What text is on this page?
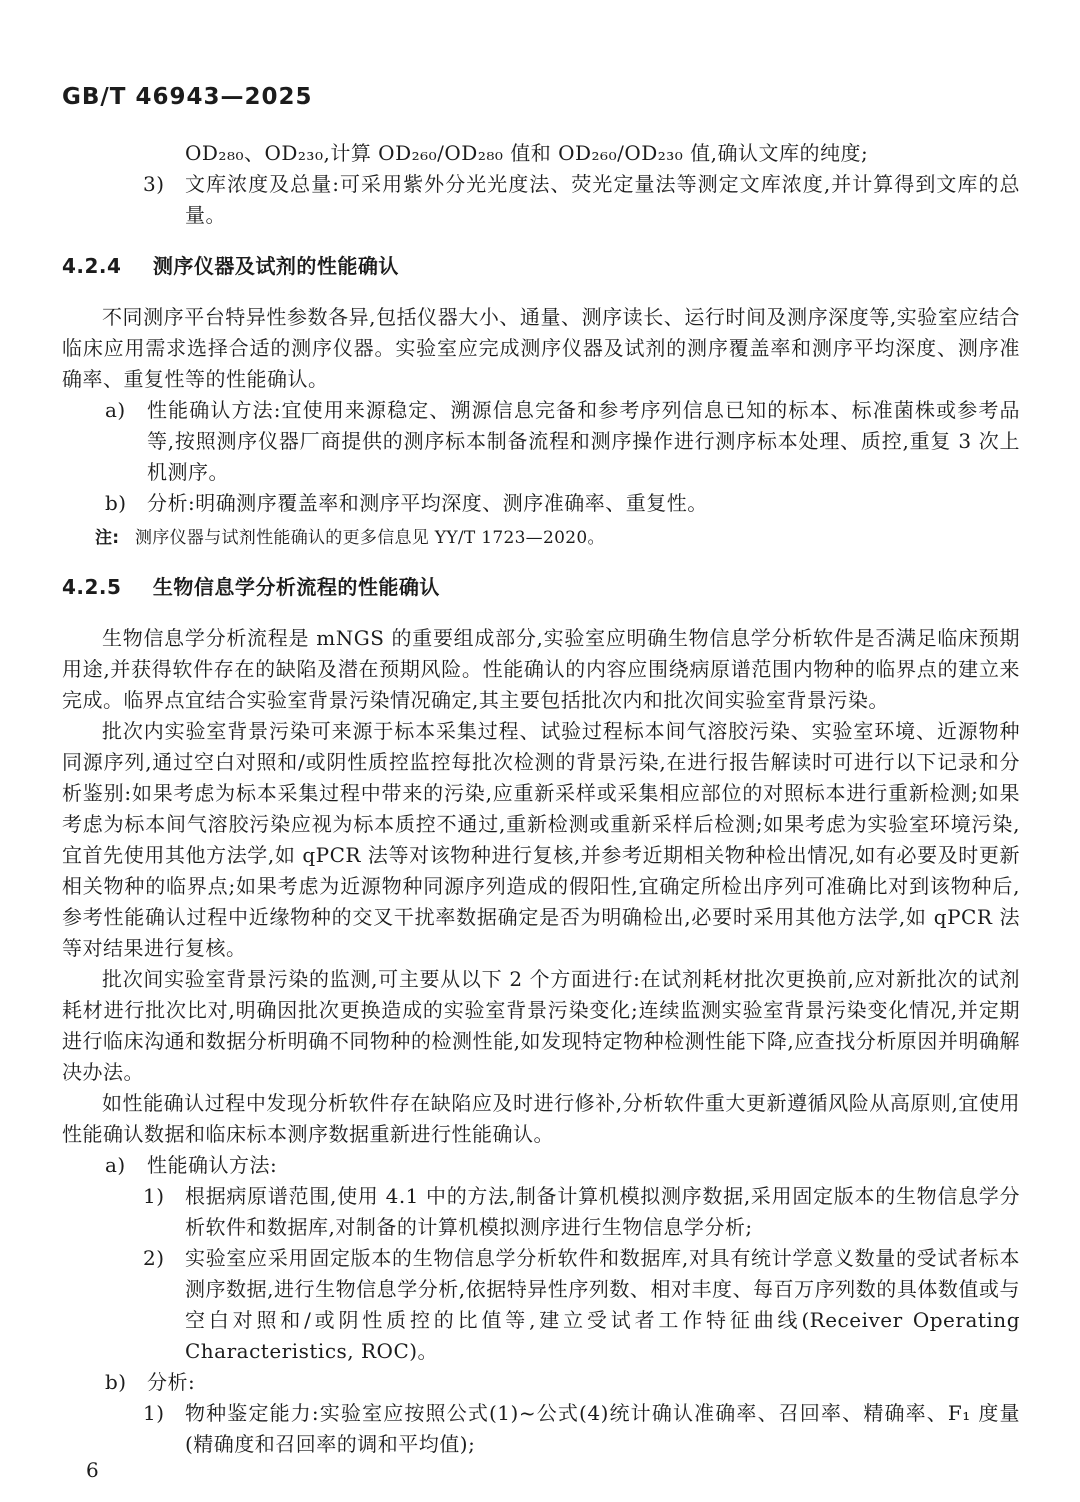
GB/T 46943—2025
OD₂₈₀、OD₂₃₀,计算 OD₂₆₀/OD₂₈₀ 值和 OD₂₆₀/OD₂₃₀ 值,确认文库的纯度;
3) 文库浓度及总量:可采用紫外分光光度法、荧光定量法等测定文库浓度,并计算得到文库的总量。
4.2.4 测序仪器及试剂的性能确认

不同测序平台特异性参数各异,包括仪器大小、通量、测序读长、运行时间及测序深度等,实验室应结合临床应用需求选择合适的测序仪器。实验室应完成测序仪器及试剂的测序覆盖率和测序平均深度、测序准确率、重复性等的性能确认。

a) 性能确认方法:宜使用来源稳定、溯源信息完备和参考序列信息已知的标本、标准菌株或参考品等,按照测序仪器厂商提供的测序标本制备流程和测序操作进行测序标本处理、质控,重复 3 次上机测序。
b) 分析:明确测序覆盖率和测序平均深度、测序准确率、重复性。
注: 测序仪器与试剂性能确认的更多信息见 YY/T 1723—2020。
4.2.5 生物信息学分析流程的性能确认

生物信息学分析流程是 mNGS 的重要组成部分,实验室应明确生物信息学分析软件是否满足临床预期用途,并获得软件存在的缺陷及潜在预期风险。性能确认的内容应围绕病原谱范围内物种的临界点的建立来完成。临界点宜结合实验室背景污染情况确定,其主要包括批次内和批次间实验室背景污染。

批次内实验室背景污染可来源于标本采集过程、试验过程标本间气溶胶污染、实验室环境、近源物种同源序列,通过空白对照和/或阴性质控监控每批次检测的背景污染,在进行报告解读时可进行以下记录和分析鉴别:如果考虑为标本采集过程中带来的污染,应重新采样或采集相应部位的对照标本进行重新检测;如果考虑为标本间气溶胶污染应视为标本质控不通过,重新检测或重新采样后检测;如果考虑为实验室环境污染,宜首先使用其他方法学,如 qPCR 法等对该物种进行复核,并参考近期相关物种检出情况,如有必要及时更新相关物种的临界点;如果考虑为近源物种同源序列造成的假阳性,宜确定所检出序列可准确比对到该物种后,参考性能确认过程中近缘物种的交叉干扰率数据确定是否为明确检出,必要时采用其他方法学,如 qPCR 法等对结果进行复核。

批次间实验室背景污染的监测,可主要从以下 2 个方面进行:在试剂耗材批次更换前,应对新批次的试剂耗材进行批次比对,明确因批次更换造成的实验室背景污染变化;连续监测实验室背景污染变化情况,并定期进行临床沟通和数据分析明确不同物种的检测性能,如发现特定物种检测性能下降,应查找分析原因并明确解决办法。

如性能确认过程中发现分析软件存在缺陷应及时进行修补,分析软件重大更新遵循风险从高原则,宜使用性能确认数据和临床标本测序数据重新进行性能确认。

a) 性能确认方法:
1) 根据病原谱范围,使用 4.1 中的方法,制备计算机模拟测序数据,采用固定版本的生物信息学分析软件和数据库,对制备的计算机模拟测序进行生物信息学分析;
2) 实验室应采用固定版本的生物信息学分析软件和数据库,对具有统计学意义数量的受试者标本测序数据,进行生物信息学分析,依据特异性序列数、相对丰度、每百万序列数的具体数值或与空白对照和/或阴性质控的比值等,建立受试者工作特征曲线(Receiver Operating Characteristics, ROC)。
b) 分析:
1) 物种鉴定能力:实验室应按照公式(1)~公式(4)统计确认准确率、召回率、精确率、F₁ 度量(精确度和召回率的调和平均值);
6
